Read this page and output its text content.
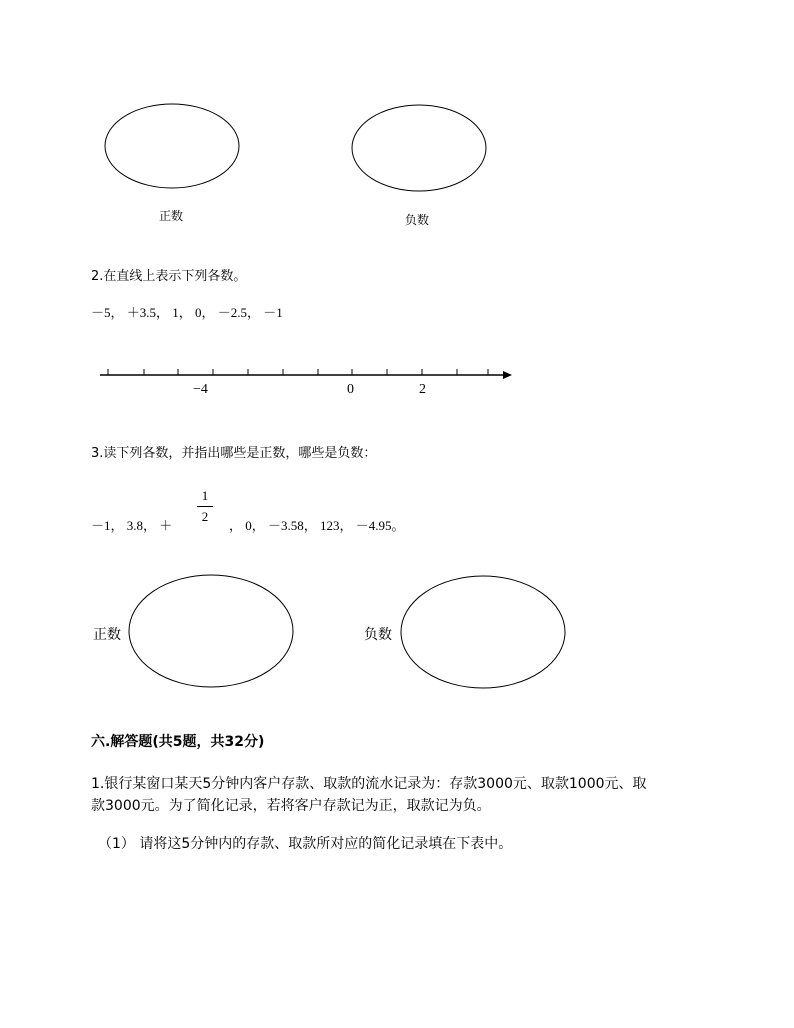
正数	负数
2.在直线上表示下列各数。
－5， ＋3.5， 1， 0， －2.5， －1
−4	0	2
3.读下列各数，并指出哪些是正数，哪些是负数：
－1， 3.8， ＋
1
2
， 0， －3.58， 123， －4.95。
正数	负数
六.解答题(共5题，共32分)
1.银行某窗口某天5分钟内客户存款、取款的流水记录为：存款3000元、取款1000元、取
款3000元。为了简化记录，若将客户存款记为正，取款记为负。
（1） 请将这5分钟内的存款、取款所对应的简化记录填在下表中。
